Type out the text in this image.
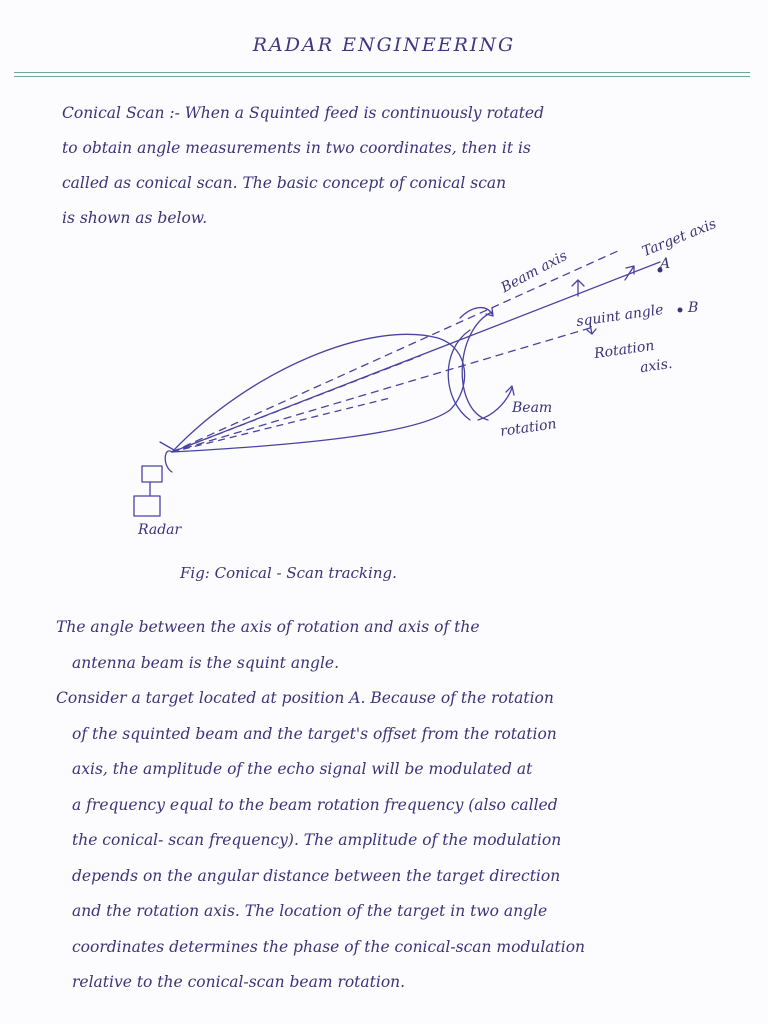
RADAR ENGINEERING
Conical Scan :- When a Squinted feed is continuously rotated
to obtain angle measurements in two coordinates, then it is
called as conical scan. The basic concept of conical scan
is shown as below.
Beam axis
Target axis
A
B
squint angle
Rotation
axis.
Beam
rotation
Radar
Fig: Conical - Scan tracking.
The angle between the axis of rotation and axis of the

antenna beam is the squint angle.
Consider a target located at position A. Because of the rotation

of the squinted beam and the target's offset from the rotation
axis, the amplitude of the echo signal will be modulated at
a frequency equal to the beam rotation frequency (also called
the conical- scan frequency). The amplitude of the modulation
depends on the angular distance between the target direction
and the rotation axis. The location of the target in two angle
coordinates determines the phase of the conical-scan modulation
relative to the conical-scan beam rotation.
